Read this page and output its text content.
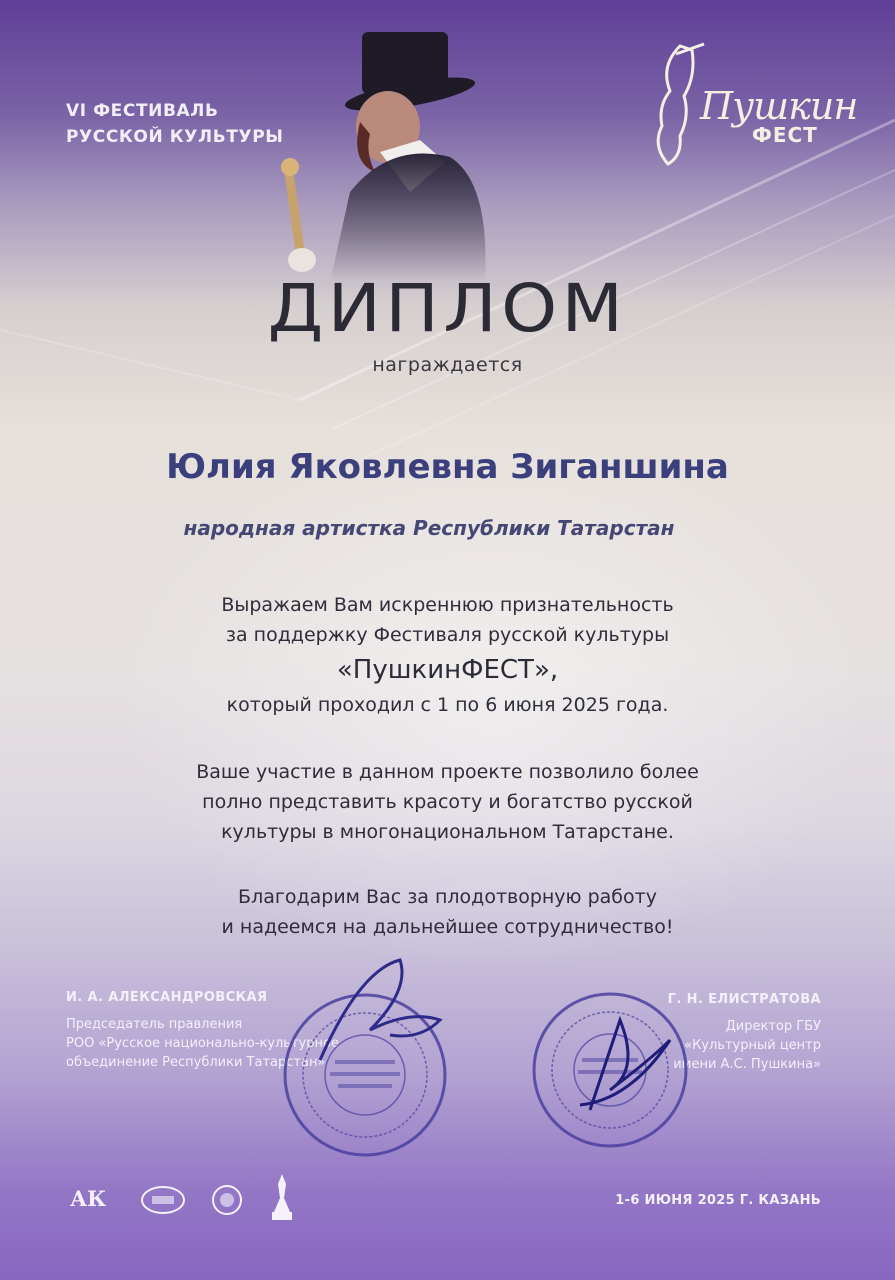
VI ФЕСТИВАЛЬ
РУССКОЙ КУЛЬТУРЫ
Пушкин
ФЕСТ
ДИПЛОМ
награждается
Юлия Яковлевна Зиганшина
народная артистка Республики Татарстан
Выражаем Вам искреннюю признательность
за поддержку Фестиваля русской культуры
«ПушкинФЕСТ»,
который проходил с 1 по 6 июня 2025 года.
Ваше участие в данном проекте позволило более
полно представить красоту и богатство русской
культуры в многонациональном Татарстане.
Благодарим Вас за плодотворную работу
и надеемся на дальнейшее сотрудничество!
И. А. АЛЕКСАНДРОВСКАЯ
Председатель правления
РОО «Русское национально-культурное
объединение Республики Татарстан»
Г. Н. ЕЛИСТРАТОВА
Директор ГБУ
«Культурный центр
имени А.С. Пушкина»
АК	1-6 ИЮНЯ 2025 Г. КАЗАНЬ
